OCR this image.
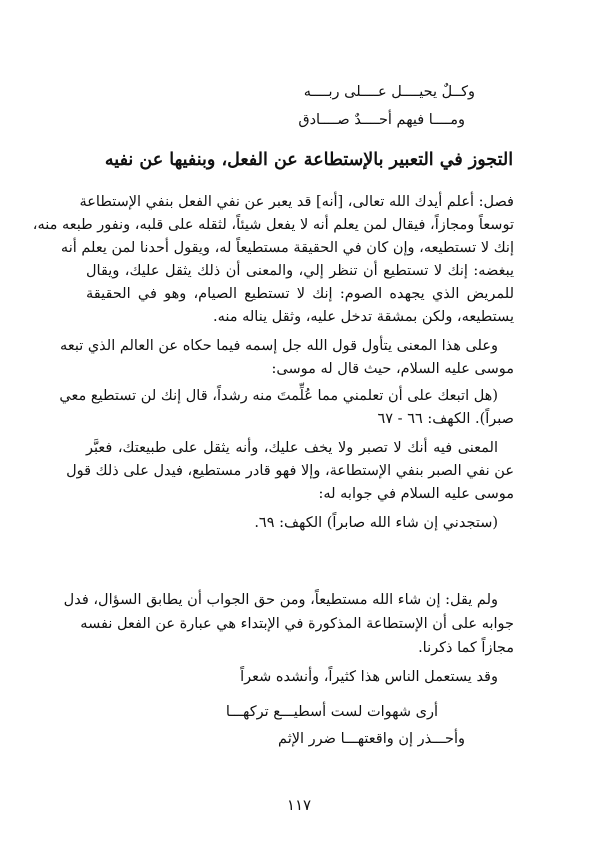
وكــلٌ يحيــــل عــــلى ربــــه
ومــــا فيهم أحــــدٌ صــــادق
التجوز في التعبير بالإستطاعة عن الفعل، وبنفيها عن نفيه
فصل: أعلم أيدك الله تعالى، [أنه] قد يعبر عن نفي الفعل بنفي الإستطاعة
توسعاً ومجازاً، فيقال لمن يعلم أنه لا يفعل شيئاً، لثقله على قلبه، ونفور طبعه منه،
إنك لا تستطيعه، وإن كان في الحقيقة مستطيعاً له، ويقول أحدنا لمن يعلم أنه
يبغضه: إنك لا تستطيع أن تنظر إلي، والمعنى أن ذلك يثقل عليك، ويقال
للمريض الذي يجهده الصوم: إنك لا تستطيع الصيام، وهو في الحقيقة
يستطيعه، ولكن بمشقة تدخل عليه، وثقل يناله منه.
وعلى هذا المعنى يتأول قول الله جل إسمه فيما حكاه عن العالم الذي تبعه
موسى عليه السلام، حيث قال له موسى:
(هل اتبعك على أن تعلمني مما عُلِّمتَ منه رشداً، قال إنك لن تستطيع معي
صبراً). الكهف: ٦٦ - ٦٧
المعنى فيه أنك لا تصبر ولا يخف عليك، وأنه يثقل على طبيعتك، فعبَّر
عن نفي الصبر بنفي الإستطاعة، وإلا فهو قادر مستطيع، فيدل على ذلك قول
موسى عليه السلام في جوابه له:
(ستجدني إن شاء الله صابراً) الكهف: ٦٩.
ولم يقل: إن شاء الله مستطيعاً، ومن حق الجواب أن يطابق السؤال، فدل
جوابه على أن الإستطاعة المذكورة في الإبتداء هي عبارة عن الفعل نفسه
مجازاً كما ذكرنا.
وقد يستعمل الناس هذا كثيراً، وأنشده شعراً
أرى شهوات لست أسطيـــع تركهـــا
وأحـــذر إن واقعتهـــا ضرر الإثم
١١٧
